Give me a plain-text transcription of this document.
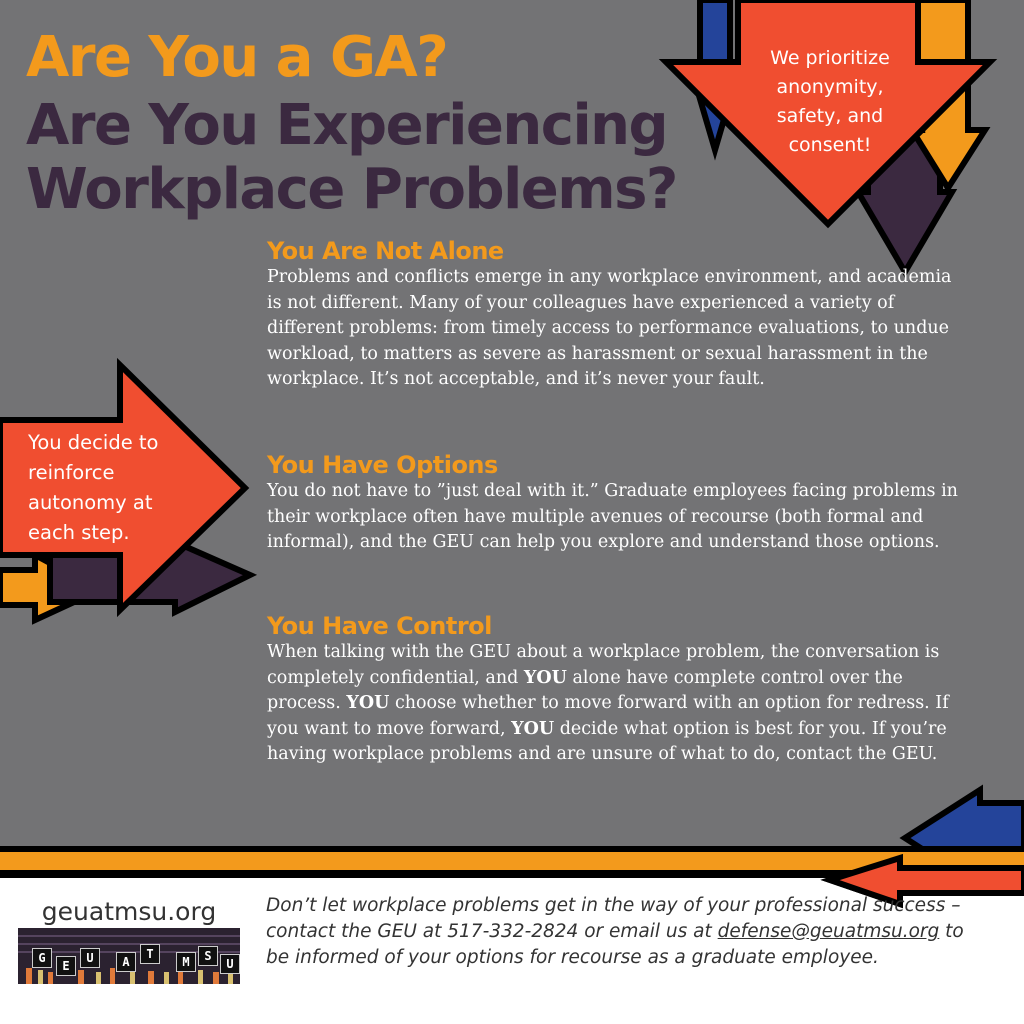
Are You a GA?
Are You Experiencing
Workplace Problems?

We prioritize anonymity, safety, and consent!

You decide to reinforce autonomy at each step.

You Are Not Alone

Problems and conflicts emerge in any workplace environment, and academia is not different. Many of your colleagues have experienced a variety of different problems: from timely access to performance evaluations, to undue workload, to matters as severe as harassment or sexual harassment in the workplace. It’s not acceptable, and it’s never your fault.

You Have Options

You do not have to ”just deal with it.” Graduate employees facing problems in their workplace often have multiple avenues of recourse (both formal and informal), and the GEU can help you explore and understand those options.

You Have Control

When talking with the GEU about a workplace problem, the conversation is completely confidential, and YOU alone have complete control over the process. YOU choose whether to move forward with an option for redress. If you want to move forward, YOU decide what option is best for you. If you’re having workplace problems and are unsure of what to do, contact the GEU.

geuatmsu.org

G
E
U	A
T
M	S
U

Don’t let workplace problems get in the way of your professional success – contact the GEU at 517-332-2824 or email us at defense@geuatmsu.org to be informed of your options for recourse as a graduate employee.
